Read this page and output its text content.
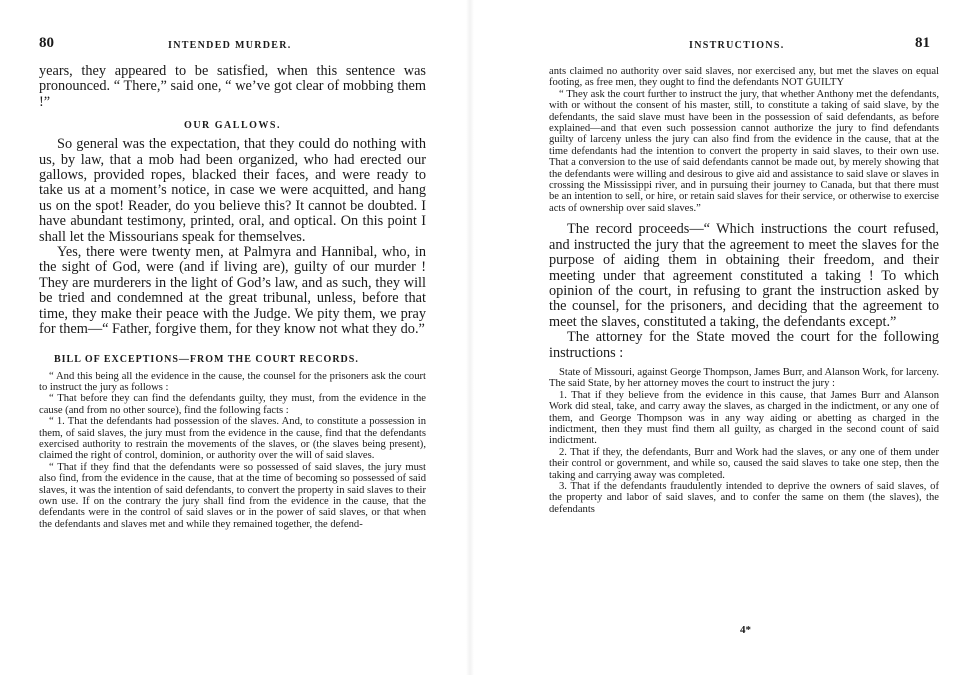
80	INTENDED MURDER.

years, they appeared to be satisfied, when this sentence was pronounced. “ There,” said one, “ we’ve got clear of mobbing them !”

OUR GALLOWS.

So general was the expectation, that they could do nothing with us, by law, that a mob had been organized, who had erected our gallows, provided ropes, blacked their faces, and were ready to take us at a moment’s notice, in case we were acquitted, and hang us on the spot! Reader, do you believe this? It cannot be doubted. I have abundant testimony, printed, oral, and optical. On this point I shall let the Missourians speak for themselves.

Yes, there were twenty men, at Palmyra and Hannibal, who, in the sight of God, were (and if living are), guilty of our murder ! They are murderers in the light of God’s law, and as such, they will be tried and condemned at the great tribunal, unless, before that time, they make their peace with the Judge. We pity them, we pray for them—“ Father, forgive them, for they know not what they do.”

BILL OF EXCEPTIONS—FROM THE COURT RECORDS.

“ And this being all the evidence in the cause, the counsel for the prisoners ask the court to instruct the jury as follows :

“ That before they can find the defendants guilty, they must, from the evidence in the cause (and from no other source), find the following facts :

“ 1. That the defendants had possession of the slaves. And, to constitute a possession in them, of said slaves, the jury must from the evidence in the cause, find that the defendants exercised authority to restrain the movements of the slaves, or (the slaves being present), claimed the right of control, dominion, or authority over the will of said slaves.

“ That if they find that the defendants were so possessed of said slaves, the jury must also find, from the evidence in the cause, that at the time of becoming so possessed of said slaves, it was the intention of said defendants, to convert the property in said slaves to their own use. If on the contrary the jury shall find from the evidence in the cause, that the defendants were in the control of said slaves or in the power of said slaves, or that when the defendants and slaves met and while they remained together, the defend-

INSTRUCTIONS.	81

ants claimed no authority over said slaves, nor exercised any, but met the slaves on equal footing, as free men, they ought to find the defendants NOT GUILTY

“ They ask the court further to instruct the jury, that whether Anthony met the defendants, with or without the consent of his master, still, to constitute a taking of said slave, by the defendants, the said slave must have been in the possession of said defendants, as before explained—and that even such possession cannot authorize the jury to find defendants guilty of larceny unless the jury can also find from the evidence in the cause, that at the time defendants had the intention to convert the property in said slaves, to their own use. That a conversion to the use of said defendants cannot be made out, by merely showing that the defendants were willing and desirous to give aid and assistance to said slave or slaves in crossing the Mississippi river, and in pursuing their journey to Canada, but that there must be an intention to sell, or hire, or retain said slaves for their service, or otherwise to exercise acts of ownership over said slaves.”

The record proceeds—“ Which instructions the court refused, and instructed the jury that the agreement to meet the slaves for the purpose of aiding them in obtaining their freedom, and their meeting under that agreement constituted a taking ! To which opinion of the court, in refusing to grant the instruction asked by the counsel, for the prisoners, and deciding that the agreement to meet the slaves, constituted a taking, the defendants except.”

The attorney for the State moved the court for the following instructions :

State of Missouri, against George Thompson, James Burr, and Alanson Work, for larceny. The said State, by her attorney moves the court to instruct the jury :

1. That if they believe from the evidence in this cause, that James Burr and Alanson Work did steal, take, and carry away the slaves, as charged in the indictment, or any one of them, and George Thompson was in any way aiding or abetting as charged in the indictment, then they must find them all guilty, as charged in the second count of said indictment.

2. That if they, the defendants, Burr and Work had the slaves, or any one of them under their control or government, and while so, caused the said slaves to take one step, then the taking and carrying away was completed.

3. That if the defendants fraudulently intended to deprive the owners of said slaves, of the property and labor of said slaves, and to confer the same on them (the slaves), the defendants

4*
